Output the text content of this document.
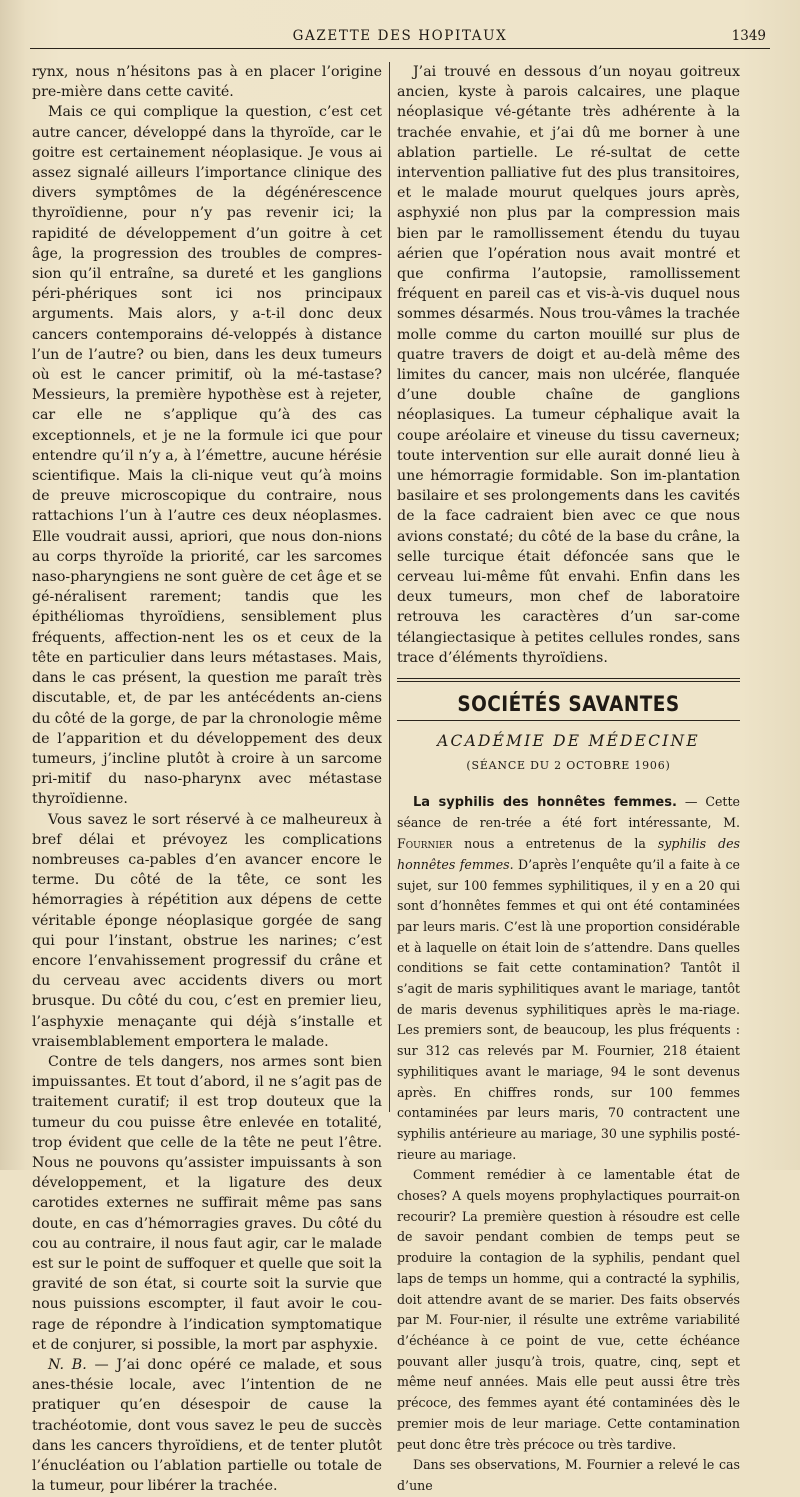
GAZETTE DES HOPITAUX	1349

rynx, nous n’hésitons pas à en placer l’origine pre-mière dans cette cavité.

Mais ce qui complique la question, c’est cet autre cancer, développé dans la thyroïde, car le goitre est certainement néoplasique. Je vous ai assez signalé ailleurs l’importance clinique des divers symptômes de la dégénérescence thyroïdienne, pour n’y pas revenir ici; la rapidité de développement d’un goitre à cet âge, la progression des troubles de compres-sion qu’il entraîne, sa dureté et les ganglions péri-phériques sont ici nos principaux arguments. Mais alors, y a-t-il donc deux cancers contemporains dé-veloppés à distance l’un de l’autre? ou bien, dans les deux tumeurs où est le cancer primitif, où la mé-tastase? Messieurs, la première hypothèse est à rejeter, car elle ne s’applique qu’à des cas exceptionnels, et je ne la formule ici que pour entendre qu’il n’y a, à l’émettre, aucune hérésie scientifique. Mais la cli-nique veut qu’à moins de preuve microscopique du contraire, nous rattachions l’un à l’autre ces deux néoplasmes. Elle voudrait aussi, apriori, que nous don-nions au corps thyroïde la priorité, car les sarcomes naso-pharyngiens ne sont guère de cet âge et se gé-néralisent rarement; tandis que les épithéliomas thyroïdiens, sensiblement plus fréquents, affection-nent les os et ceux de la tête en particulier dans leurs métastases. Mais, dans le cas présent, la question me paraît très discutable, et, de par les antécédents an-ciens du côté de la gorge, de par la chronologie même de l’apparition et du développement des deux tumeurs, j’incline plutôt à croire à un sarcome pri-mitif du naso-pharynx avec métastase thyroïdienne.

Vous savez le sort réservé à ce malheureux à bref délai et prévoyez les complications nombreuses ca-pables d’en avancer encore le terme. Du côté de la tête, ce sont les hémorragies à répétition aux dépens de cette véritable éponge néoplasique gorgée de sang qui pour l’instant, obstrue les narines; c’est encore l’envahissement progressif du crâne et du cerveau avec accidents divers ou mort brusque. Du côté du cou, c’est en premier lieu, l’asphyxie menaçante qui déjà s’installe et vraisemblablement emportera le malade.

Contre de tels dangers, nos armes sont bien impuissantes. Et tout d’abord, il ne s’agit pas de traitement curatif; il est trop douteux que la tumeur du cou puisse être enlevée en totalité, trop évident que celle de la tête ne peut l’être. Nous ne pouvons qu’assister impuissants à son développement, et la ligature des deux carotides externes ne suffirait même pas sans doute, en cas d’hémorragies graves. Du côté du cou au contraire, il nous faut agir, car le malade est sur le point de suffoquer et quelle que soit la gravité de son état, si courte soit la survie que nous puissions escompter, il faut avoir le cou-rage de répondre à l’indication symptomatique et de conjurer, si possible, la mort par asphyxie.

N. B. — J’ai donc opéré ce malade, et sous anes-thésie locale, avec l’intention de ne pratiquer qu’en désespoir de cause la trachéotomie, dont vous savez le peu de succès dans les cancers thyroïdiens, et de tenter plutôt l’énucléation ou l’ablation partielle ou totale de la tumeur, pour libérer la trachée.

J’ai trouvé en dessous d’un noyau goitreux ancien, kyste à parois calcaires, une plaque néoplasique vé-gétante très adhérente à la trachée envahie, et j’ai dû me borner à une ablation partielle. Le ré-sultat de cette intervention palliative fut des plus transitoires, et le malade mourut quelques jours après, asphyxié non plus par la compression mais bien par le ramollissement étendu du tuyau aérien que l’opération nous avait montré et que confirma l’autopsie, ramollissement fréquent en pareil cas et vis-à-vis duquel nous sommes désarmés. Nous trou-vâmes la trachée molle comme du carton mouillé sur plus de quatre travers de doigt et au-delà même des limites du cancer, mais non ulcérée, flanquée d’une double chaîne de ganglions néoplasiques. La tumeur céphalique avait la coupe aréolaire et vineuse du tissu caverneux; toute intervention sur elle aurait donné lieu à une hémorragie formidable. Son im-plantation basilaire et ses prolongements dans les cavités de la face cadraient bien avec ce que nous avions constaté; du côté de la base du crâne, la selle turcique était défoncée sans que le cerveau lui-même fût envahi. Enfin dans les deux tumeurs, mon chef de laboratoire retrouva les caractères d’un sar-come télangiectasique à petites cellules rondes, sans trace d’éléments thyroïdiens.

SOCIÉTÉS SAVANTES
ACADÉMIE DE MÉDECINE
(SÉANCE DU 2 OCTOBRE 1906)

La syphilis des honnêtes femmes. — Cette séance de ren-trée a été fort intéressante, M. Fournier nous a entretenus de la syphilis des honnêtes femmes. D’après l’enquête qu’il a faite à ce sujet, sur 100 femmes syphilitiques, il y en a 20 qui sont d’honnêtes femmes et qui ont été contaminées par leurs maris. C’est là une proportion considérable et à laquelle on était loin de s’attendre. Dans quelles conditions se fait cette contamination? Tantôt il s’agit de maris syphilitiques avant le mariage, tantôt de maris devenus syphilitiques après le ma-riage. Les premiers sont, de beaucoup, les plus fréquents : sur 312 cas relevés par M. Fournier, 218 étaient syphilitiques avant le mariage, 94 le sont devenus après. En chiffres ronds, sur 100 femmes contaminées par leurs maris, 70 contractent une syphilis antérieure au mariage, 30 une syphilis posté-rieure au mariage.

Comment remédier à ce lamentable état de choses? A quels moyens prophylactiques pourrait-on recourir? La première question à résoudre est celle de savoir pendant combien de temps peut se produire la contagion de la syphilis, pendant quel laps de temps un homme, qui a contracté la syphilis, doit attendre avant de se marier. Des faits observés par M. Four-nier, il résulte une extrême variabilité d’échéance à ce point de vue, cette échéance pouvant aller jusqu’à trois, quatre, cinq, sept et même neuf années. Mais elle peut aussi être très précoce, des femmes ayant été contaminées dès le premier mois de leur mariage. Cette contamination peut donc être très précoce ou très tardive.

Dans ses observations, M. Fournier a relevé le cas d’une
